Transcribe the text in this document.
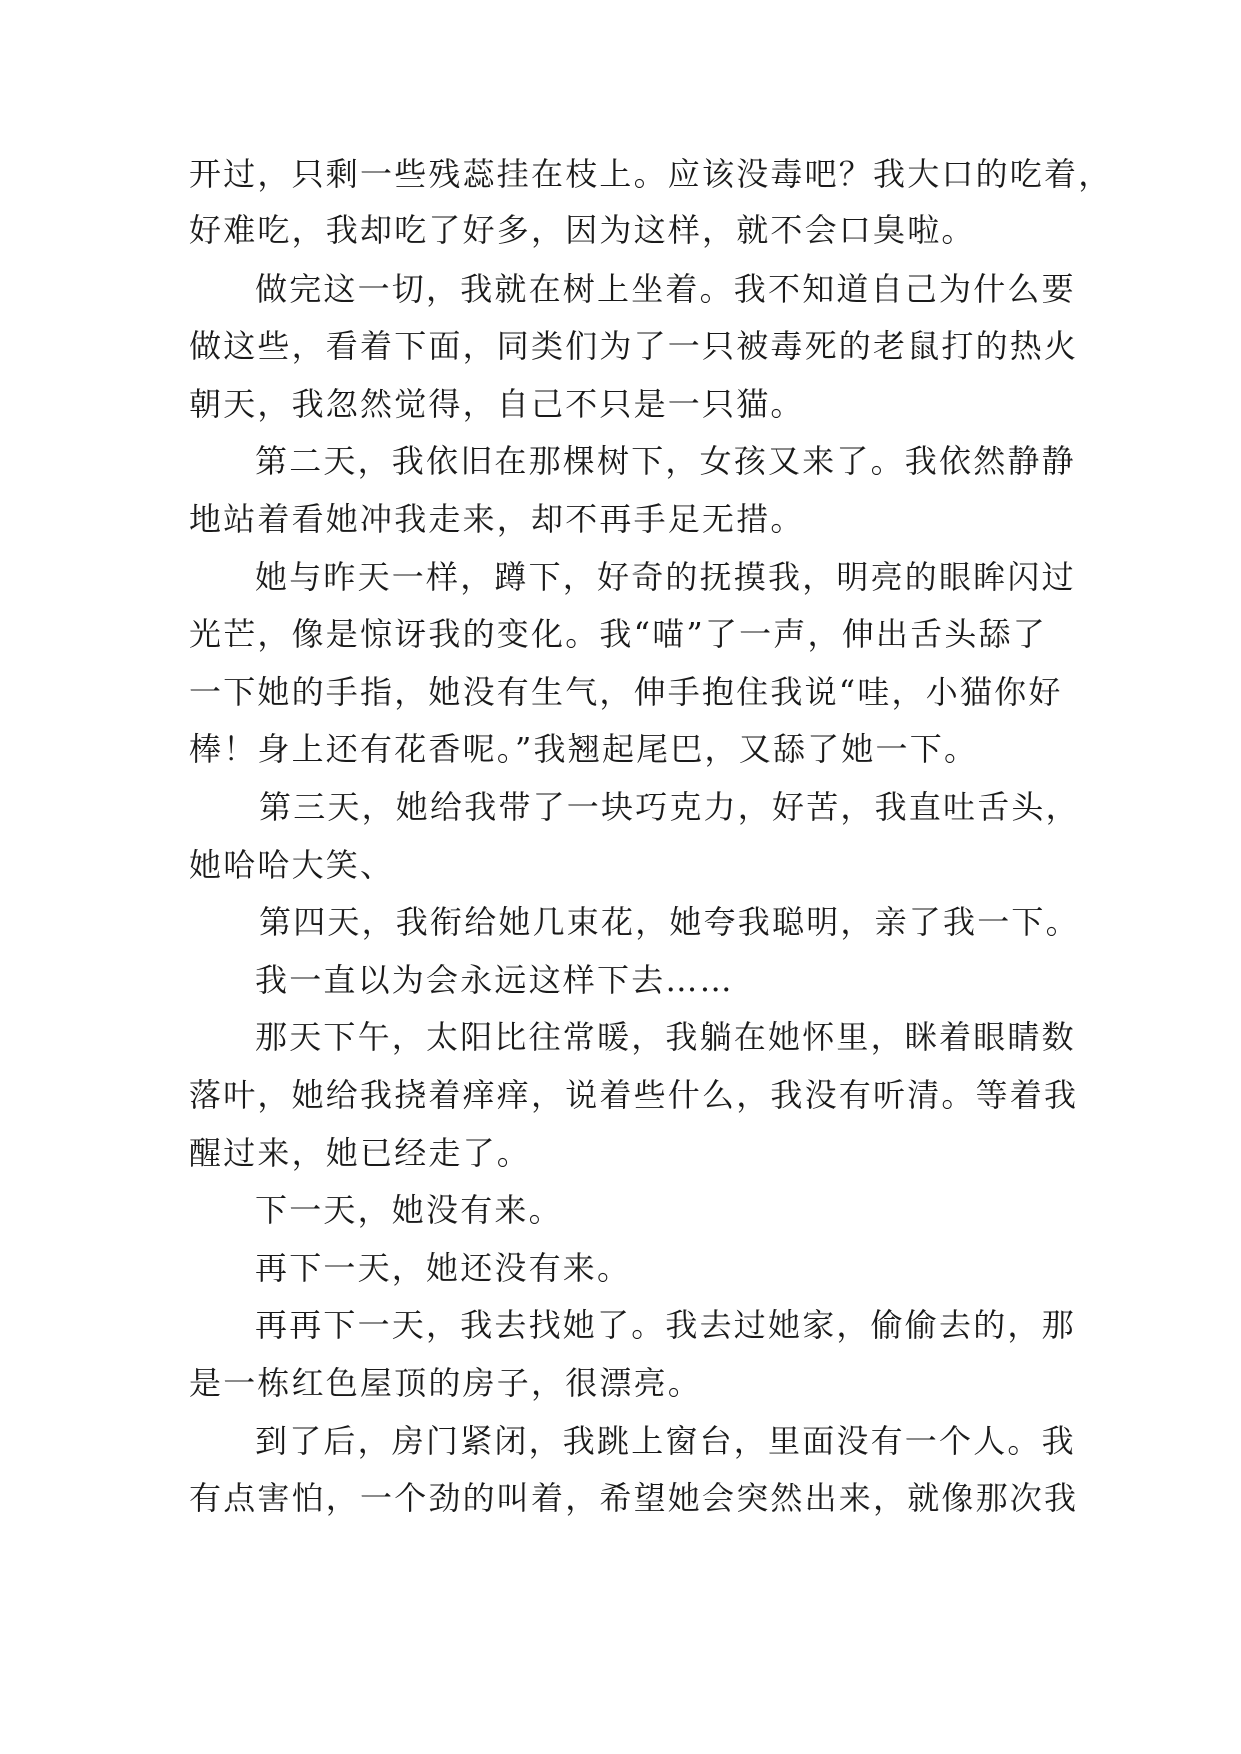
开过，只剩一些残蕊挂在枝上。应该没毒吧？我大口的吃着，
好难吃，我却吃了好多，因为这样，就不会口臭啦。
做完这一切，我就在树上坐着。我不知道自己为什么要
做这些，看着下面，同类们为了一只被毒死的老鼠打的热火
朝天，我忽然觉得，自己不只是一只猫。
第二天，我依旧在那棵树下，女孩又来了。我依然静静
地站着看她冲我走来，却不再手足无措。
她与昨天一样，蹲下，好奇的抚摸我，明亮的眼眸闪过
光芒，像是惊讶我的变化。我“喵”了一声，伸出舌头舔了
一下她的手指，她没有生气，伸手抱住我说“哇，小猫你好
棒！身上还有花香呢。”我翘起尾巴，又舔了她一下。
第三天，她给我带了一块巧克力，好苦，我直吐舌头，
她哈哈大笑、
第四天，我衔给她几束花，她夸我聪明，亲了我一下。
我一直以为会永远这样下去……
那天下午，太阳比往常暖，我躺在她怀里，眯着眼睛数
落叶，她给我挠着痒痒，说着些什么，我没有听清。等着我
醒过来，她已经走了。
下一天，她没有来。
再下一天，她还没有来。
再再下一天，我去找她了。我去过她家，偷偷去的，那
是一栋红色屋顶的房子，很漂亮。
到了后，房门紧闭，我跳上窗台，里面没有一个人。我
有点害怕，一个劲的叫着，希望她会突然出来，就像那次我
